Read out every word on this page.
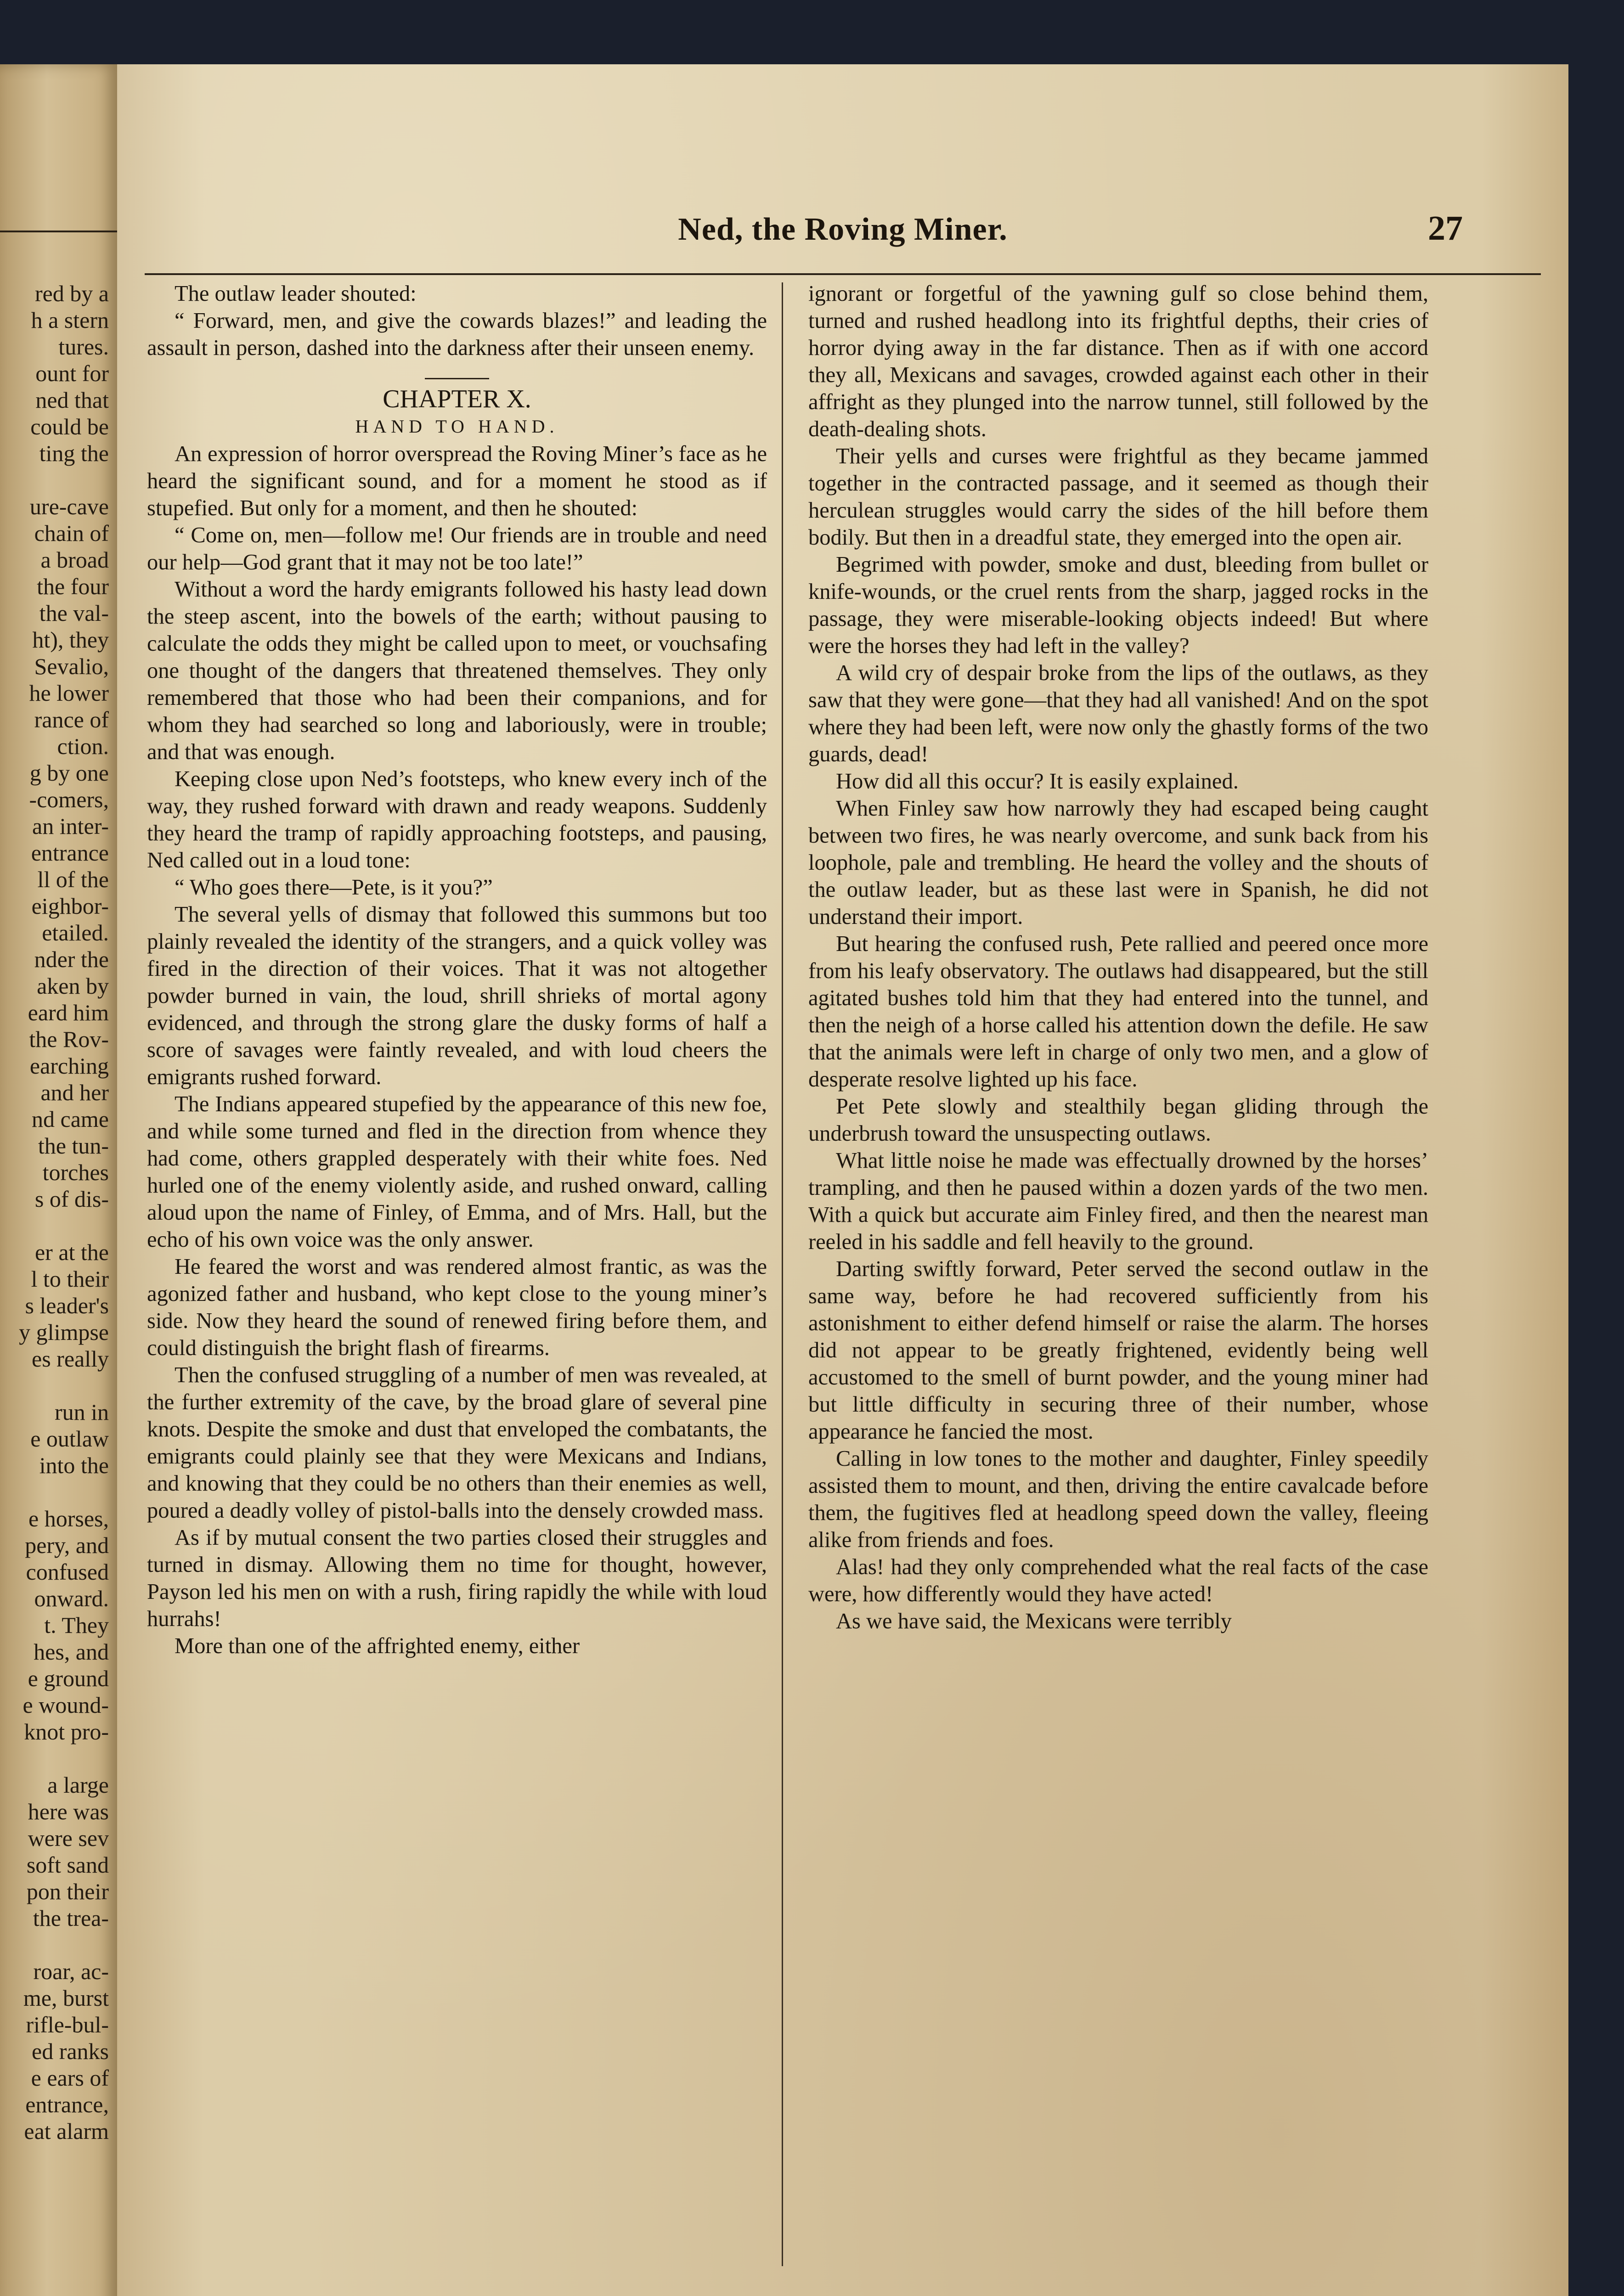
red by a
h a stern
tures.
ount for
ned that
could be
ting the
ure-cave
chain of
a broad
the four
the val-
ht), they
Sevalio,
he lower
rance of
ction.
g by one
-comers,
an inter-
entrance
ll of the
eighbor-
etailed.
nder the
aken by
eard him
the Rov-
earching
and her
nd came
the tun-
torches
s of dis-
er at the
l to their
s leader's
y glimpse
es really
run in
e outlaw
into the
e horses,
pery, and
confused
onward.
t. They
hes, and
e ground
e wound-
knot pro-
a large
here was
were sev
soft sand
pon their
the trea-
roar, ac-
me, burst
rifle-bul-
ed ranks
e ears of
entrance,
eat alarm
Ned, the Roving Miner.	27

The outlaw leader shouted:

“ Forward, men, and give the cowards blazes!” and leading the assault in person, dashed into the darkness after their unseen enemy.

CHAPTER X.
HAND TO HAND.

An expression of horror overspread the Roving Miner’s face as he heard the significant sound, and for a moment he stood as if stupefied. But only for a moment, and then he shouted:

“ Come on, men—follow me! Our friends are in trouble and need our help—God grant that it may not be too late!”

Without a word the hardy emigrants followed his hasty lead down the steep ascent, into the bowels of the earth; without pausing to calculate the odds they might be called upon to meet, or vouchsafing one thought of the dangers that threatened themselves. They only remembered that those who had been their companions, and for whom they had searched so long and laboriously, were in trouble; and that was enough.

Keeping close upon Ned’s footsteps, who knew every inch of the way, they rushed forward with drawn and ready weapons. Suddenly they heard the tramp of rapidly approaching footsteps, and pausing, Ned called out in a loud tone:

“ Who goes there—Pete, is it you?”

The several yells of dismay that followed this summons but too plainly revealed the identity of the strangers, and a quick volley was fired in the direction of their voices. That it was not altogether powder burned in vain, the loud, shrill shrieks of mortal agony evidenced, and through the strong glare the dusky forms of half a score of savages were faintly revealed, and with loud cheers the emigrants rushed forward.

The Indians appeared stupefied by the appearance of this new foe, and while some turned and fled in the direction from whence they had come, others grappled desperately with their white foes. Ned hurled one of the enemy violently aside, and rushed onward, calling aloud upon the name of Finley, of Emma, and of Mrs. Hall, but the echo of his own voice was the only answer.

He feared the worst and was rendered almost frantic, as was the agonized father and husband, who kept close to the young miner’s side. Now they heard the sound of renewed firing before them, and could distinguish the bright flash of firearms.

Then the confused struggling of a number of men was revealed, at the further extremity of the cave, by the broad glare of several pine knots. Despite the smoke and dust that enveloped the combatants, the emigrants could plainly see that they were Mexicans and Indians, and knowing that they could be no others than their enemies as well, poured a deadly volley of pistol-balls into the densely crowded mass.

As if by mutual consent the two parties closed their struggles and turned in dismay. Allowing them no time for thought, however, Payson led his men on with a rush, firing rapidly the while with loud hurrahs!

More than one of the affrighted enemy, either

ignorant or forgetful of the yawning gulf so close behind them, turned and rushed headlong into its frightful depths, their cries of horror dying away in the far distance. Then as if with one accord they all, Mexicans and savages, crowded against each other in their affright as they plunged into the narrow tunnel, still followed by the death-dealing shots.

Their yells and curses were frightful as they became jammed together in the contracted passage, and it seemed as though their herculean struggles would carry the sides of the hill before them bodily. But then in a dreadful state, they emerged into the open air.

Begrimed with powder, smoke and dust, bleeding from bullet or knife-wounds, or the cruel rents from the sharp, jagged rocks in the passage, they were miserable-looking objects indeed! But where were the horses they had left in the valley?

A wild cry of despair broke from the lips of the outlaws, as they saw that they were gone—that they had all vanished! And on the spot where they had been left, were now only the ghastly forms of the two guards, dead!

How did all this occur? It is easily explained.

When Finley saw how narrowly they had escaped being caught between two fires, he was nearly overcome, and sunk back from his loophole, pale and trembling. He heard the volley and the shouts of the outlaw leader, but as these last were in Spanish, he did not understand their import.

But hearing the confused rush, Pete rallied and peered once more from his leafy observatory. The outlaws had disappeared, but the still agitated bushes told him that they had entered into the tunnel, and then the neigh of a horse called his attention down the defile. He saw that the animals were left in charge of only two men, and a glow of desperate resolve lighted up his face.

Pet Pete slowly and stealthily began gliding through the underbrush toward the unsuspecting outlaws.

What little noise he made was effectually drowned by the horses’ trampling, and then he paused within a dozen yards of the two men. With a quick but accurate aim Finley fired, and then the nearest man reeled in his saddle and fell heavily to the ground.

Darting swiftly forward, Peter served the second outlaw in the same way, before he had recovered sufficiently from his astonishment to either defend himself or raise the alarm. The horses did not appear to be greatly frightened, evidently being well accustomed to the smell of burnt powder, and the young miner had but little difficulty in securing three of their number, whose appearance he fancied the most.

Calling in low tones to the mother and daughter, Finley speedily assisted them to mount, and then, driving the entire cavalcade before them, the fugitives fled at headlong speed down the valley, fleeing alike from friends and foes.

Alas! had they only comprehended what the real facts of the case were, how differently would they have acted!

As we have said, the Mexicans were terribly
